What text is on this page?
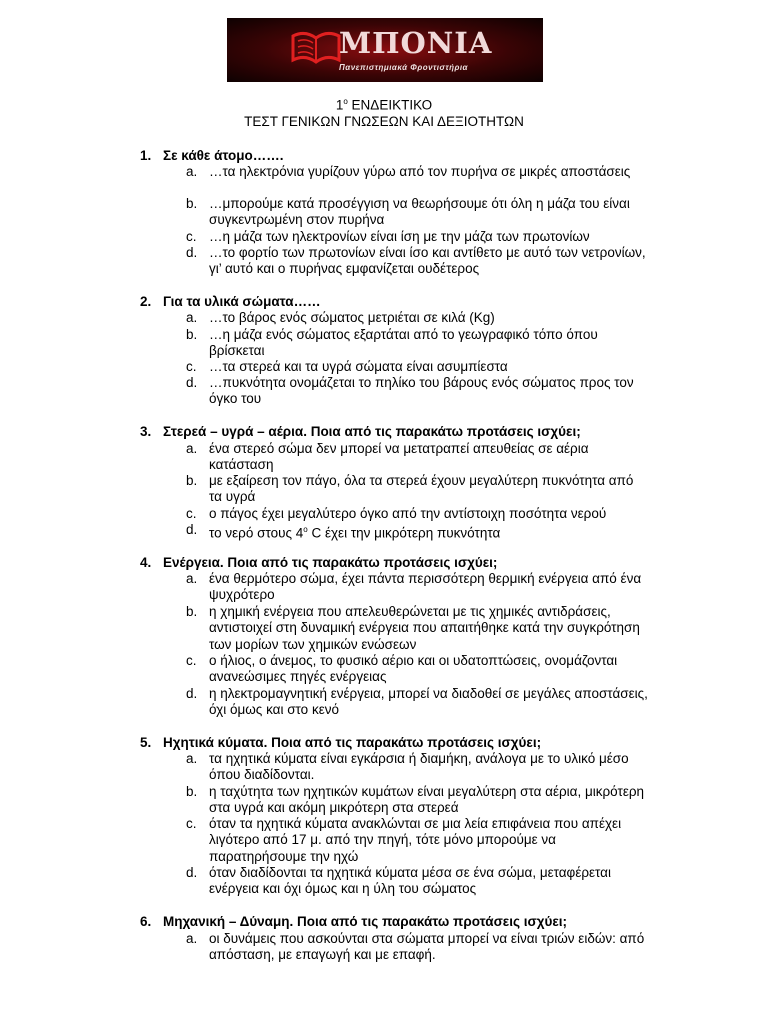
ΜΠΟΝΙΑ
Πανεπιστημιακά Φροντιστήρια
$1^o$ ΕΝΔΕΙΚΤΙΚΟ
ΤΕΣΤ ΓΕΝΙΚΩΝ ΓΝΩΣΕΩΝ ΚΑΙ ΔΕΞΙΟΤΗΤΩΝ
1. Σε κάθε άτομο…….
a. …τα ηλεκτρόνια γυρίζουν γύρω από τον πυρήνα σε μικρές αποστάσεις
b. …μπορούμε κατά προσέγγιση να θεωρήσουμε ότι όλη η μάζα του είναι συγκεντρωμένη στον πυρήνα
c. …η μάζα των ηλεκτρονίων είναι ίση με την μάζα των πρωτονίων
d. …το φορτίο των πρωτονίων είναι ίσο και αντίθετο με αυτό των νετρονίων, γι’ αυτό και ο πυρήνας εμφανίζεται ουδέτερος
2. Για τα υλικά σώματα……
a. …το βάρος ενός σώματος μετριέται σε κιλά (Kg)
b. …η μάζα ενός σώματος εξαρτάται από το γεωγραφικό τόπο όπου βρίσκεται
c. …τα στερεά και τα υγρά σώματα είναι ασυμπίεστα
d. …πυκνότητα ονομάζεται το πηλίκο του βάρους ενός σώματος προς τον όγκο του
3. Στερεά – υγρά – αέρια. Ποια από τις παρακάτω προτάσεις ισχύει;
a. ένα στερεό σώμα δεν μπορεί να μετατραπεί απευθείας σε αέρια κατάσταση
b. με εξαίρεση τον πάγο, όλα τα στερεά έχουν μεγαλύτερη πυκνότητα από τα υγρά
c. ο πάγος έχει μεγαλύτερο όγκο από την αντίστοιχη ποσότητα νερού
d. το νερό στους $4^o$ C έχει την μικρότερη πυκνότητα
4. Ενέργεια. Ποια από τις παρακάτω προτάσεις ισχύει;
a. ένα θερμότερο σώμα, έχει πάντα περισσότερη θερμική ενέργεια από ένα ψυχρότερο
b. η χημική ενέργεια που απελευθερώνεται με τις χημικές αντιδράσεις, αντιστοιχεί στη δυναμική ενέργεια που απαιτήθηκε κατά την συγκρότηση των μορίων των χημικών ενώσεων
c. ο ήλιος, ο άνεμος, το φυσικό αέριο και οι υδατοπτώσεις, ονομάζονται ανανεώσιμες πηγές ενέργειας
d. η ηλεκτρομαγνητική ενέργεια, μπορεί να διαδοθεί σε μεγάλες αποστάσεις, όχι όμως και στο κενό
5. Ηχητικά κύματα. Ποια από τις παρακάτω προτάσεις ισχύει;
a. τα ηχητικά κύματα είναι εγκάρσια ή διαμήκη, ανάλογα με το υλικό μέσο όπου διαδίδονται.
b. η ταχύτητα των ηχητικών κυμάτων είναι μεγαλύτερη στα αέρια, μικρότερη στα υγρά και ακόμη μικρότερη στα στερεά
c. όταν τα ηχητικά κύματα ανακλώνται σε μια λεία επιφάνεια που απέχει λιγότερο από 17 μ. από την πηγή, τότε μόνο μπορούμε να παρατηρήσουμε την ηχώ
d. όταν διαδίδονται τα ηχητικά κύματα μέσα σε ένα σώμα, μεταφέρεται ενέργεια και όχι όμως και η ύλη του σώματος
6. Μηχανική – Δύναμη. Ποια από τις παρακάτω προτάσεις ισχύει;
a. οι δυνάμεις που ασκούνται στα σώματα μπορεί να είναι τριών ειδών: από απόσταση, με επαγωγή και με επαφή.
